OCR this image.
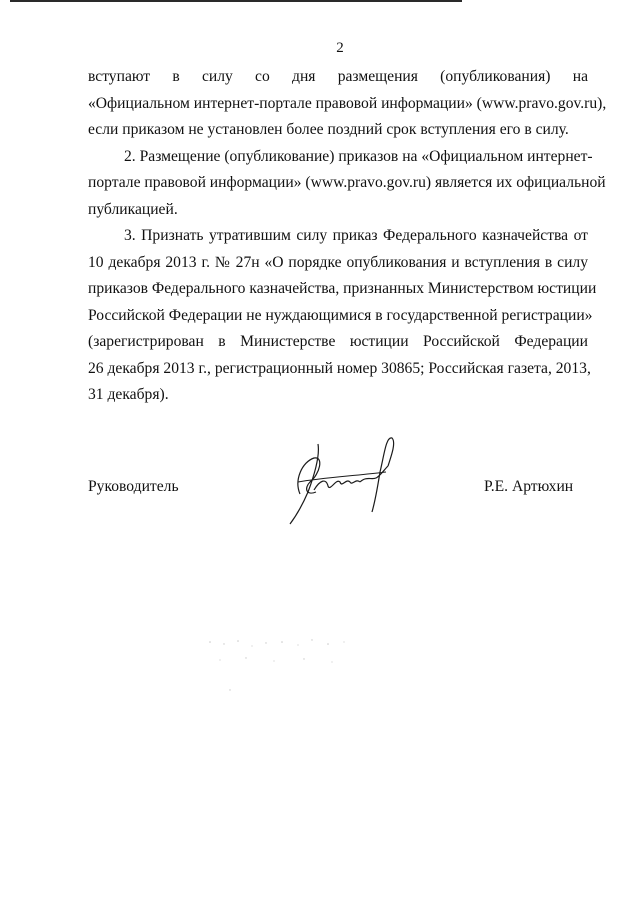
2

вступают в силу со дня размещения (опубликования) на
«Официальном интернет-портале правовой информации» (www.pravo.gov.ru),
если приказом не установлен более поздний срок вступления его в силу.

2. Размещение (опубликование) приказов на «Официальном интернет-
портале правовой информации» (www.pravo.gov.ru) является их официальной
публикацией.

3. Признать утратившим силу приказ Федерального казначейства от
10 декабря 2013 г. № 27н «О порядке опубликования и вступления в силу
приказов Федерального казначейства, признанных Министерством юстиции
Российской Федерации не нуждающимися в государственной регистрации»
(зарегистрирован в Министерстве юстиции Российской Федерации
26 декабря 2013 г., регистрационный номер 30865; Российская газета, 2013,
31 декабря).

Руководитель	Р.Е. Артюхин
